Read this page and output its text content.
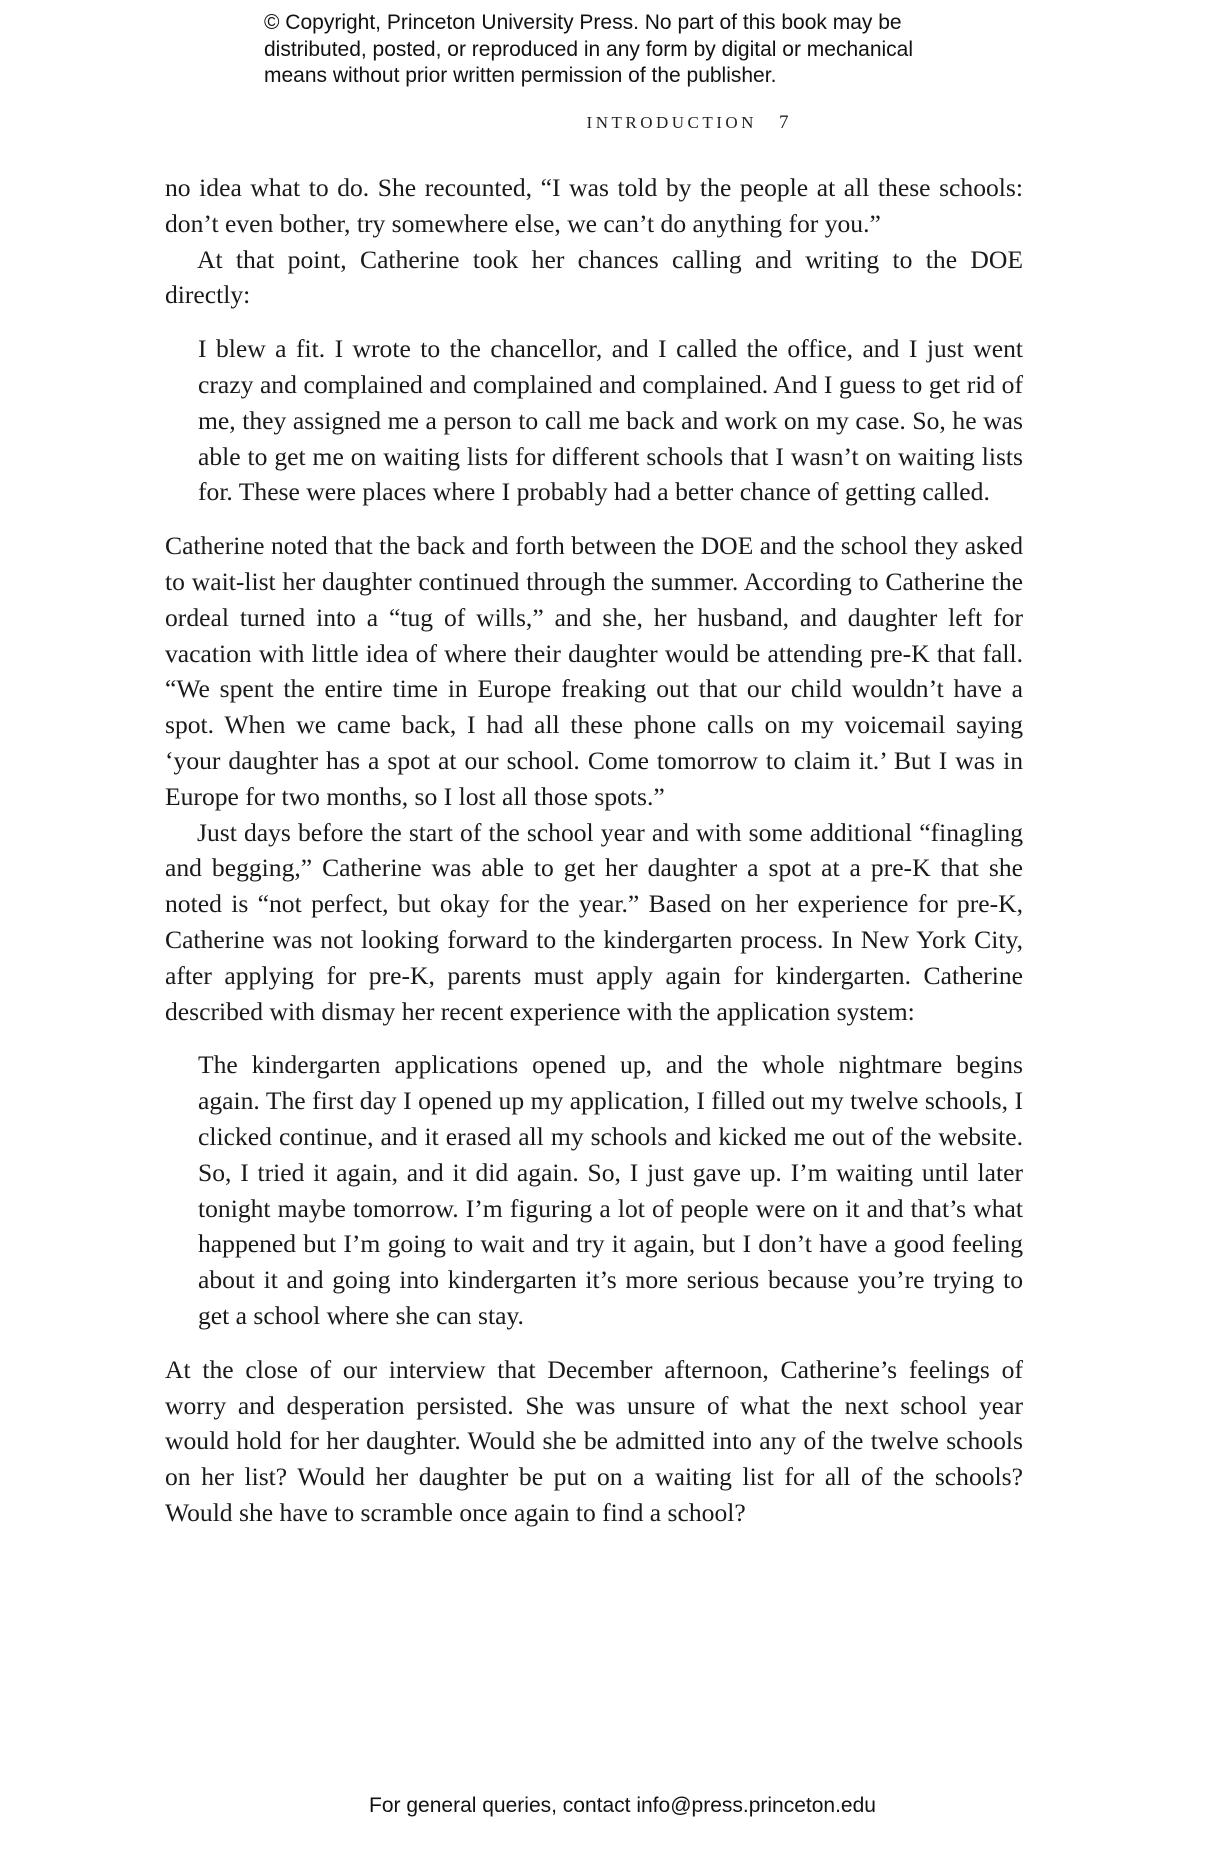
© Copyright, Princeton University Press. No part of this book may be
distributed, posted, or reproduced in any form by digital or mechanical
means without prior written permission of the publisher.
INTRODUCTION 7

no idea what to do. She recounted, “I was told by the people at all these schools: don’t even bother, try somewhere else, we can’t do anything for you.”

At that point, Catherine took her chances calling and writing to the DOE directly:

I blew a fit. I wrote to the chancellor, and I called the office, and I just went crazy and complained and complained and complained. And I guess to get rid of me, they assigned me a person to call me back and work on my case. So, he was able to get me on waiting lists for different schools that I wasn’t on waiting lists for. These were places where I probably had a better chance of getting called.

Catherine noted that the back and forth between the DOE and the school they asked to wait-list her daughter continued through the summer. According to Catherine the ordeal turned into a “tug of wills,” and she, her husband, and daughter left for vacation with little idea of where their daughter would be attending pre-K that fall. “We spent the entire time in Europe freaking out that our child wouldn’t have a spot. When we came back, I had all these phone calls on my voicemail saying ‘your daughter has a spot at our school. Come tomorrow to claim it.’ But I was in Europe for two months, so I lost all those spots.”

Just days before the start of the school year and with some additional “finagling and begging,” Catherine was able to get her daughter a spot at a pre-K that she noted is “not perfect, but okay for the year.” Based on her experience for pre-K, Catherine was not looking forward to the kindergarten process. In New York City, after applying for pre-K, parents must apply again for kindergarten. Catherine described with dismay her recent experience with the application system:

The kindergarten applications opened up, and the whole nightmare begins again. The first day I opened up my application, I filled out my twelve schools, I clicked continue, and it erased all my schools and kicked me out of the website. So, I tried it again, and it did again. So, I just gave up. I’m waiting until later tonight maybe tomorrow. I’m figuring a lot of people were on it and that’s what happened but I’m going to wait and try it again, but I don’t have a good feeling about it and going into kindergarten it’s more serious because you’re trying to get a school where she can stay.

At the close of our interview that December afternoon, Catherine’s feelings of worry and desperation persisted. She was unsure of what the next school year would hold for her daughter. Would she be admitted into any of the twelve schools on her list? Would her daughter be put on a waiting list for all of the schools? Would she have to scramble once again to find a school?

For general queries, contact info@press.princeton.edu
